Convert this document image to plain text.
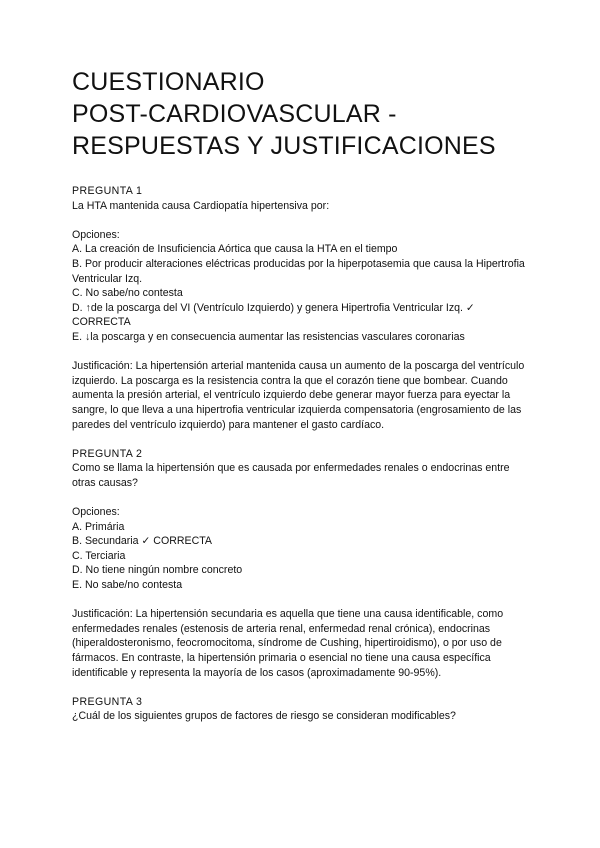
CUESTIONARIO
POST-CARDIOVASCULAR -
RESPUESTAS Y JUSTIFICACIONES

PREGUNTA 1

La HTA mantenida causa Cardiopatía hipertensiva por:

Opciones:

A. La creación de Insuficiencia Aórtica que causa la HTA en el tiempo
B. Por producir alteraciones eléctricas producidas por la hiperpotasemia que causa la Hipertrofia Ventricular Izq.
C. No sabe/no contesta
D. ↑de la poscarga del VI (Ventrículo Izquierdo) y genera Hipertrofia Ventricular Izq. ✓ CORRECTA
E. ↓la poscarga y en consecuencia aumentar las resistencias vasculares coronarias

Justificación: La hipertensión arterial mantenida causa un aumento de la poscarga del ventrículo izquierdo. La poscarga es la resistencia contra la que el corazón tiene que bombear. Cuando aumenta la presión arterial, el ventrículo izquierdo debe generar mayor fuerza para eyectar la sangre, lo que lleva a una hipertrofia ventricular izquierda compensatoria (engrosamiento de las paredes del ventrículo izquierdo) para mantener el gasto cardíaco.

PREGUNTA 2

Como se llama la hipertensión que es causada por enfermedades renales o endocrinas entre otras causas?

Opciones:

A. Primária
B. Secundaria ✓ CORRECTA
C. Terciaria
D. No tiene ningún nombre concreto
E. No sabe/no contesta

Justificación: La hipertensión secundaria es aquella que tiene una causa identificable, como enfermedades renales (estenosis de arteria renal, enfermedad renal crónica), endocrinas (hiperaldosteronismo, feocromocitoma, síndrome de Cushing, hipertiroidismo), o por uso de fármacos. En contraste, la hipertensión primaria o esencial no tiene una causa específica identificable y representa la mayoría de los casos (aproximadamente 90-95%).

PREGUNTA 3

¿Cuál de los siguientes grupos de factores de riesgo se consideran modificables?
